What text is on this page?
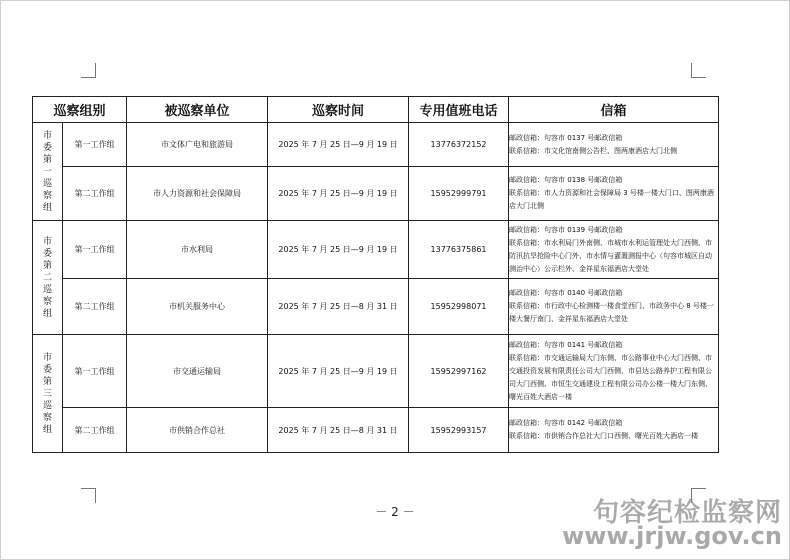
巡察组别		被巡察单位	巡察时间	专用值班电话	信箱

市委第一巡察组	第一工作组	市文体广电和旅游局	2025 年 7 月 25 日—9 月 19 日	13776372152	邮政信箱：句容市 0137 号邮政信箱
联系信箱：市文化馆南侧公告栏、图两康酒店大门北侧

	第二工作组	市人力资源和社会保障局	2025 年 7 月 25 日—9 月 19 日	15952999791	邮政信箱：句容市 0138 号邮政信箱
联系信箱：市人力资源和社会保障局 3 号楼一楼大门口、图两康酒店大门北侧

市委第二巡察组	第一工作组	市水利局	2025 年 7 月 25 日—9 月 19 日	13776375861	邮政信箱：句容市 0139 号邮政信箱
联系信箱：市水利局门外南侧、市城市水利运管理处大门西侧、市防汛抗旱抢险中心门外、市水情与灌溉测报中心（句容市城区自动测治中心）公示栏外、金祥星东福酒店大堂处

	第二工作组	市机关服务中心	2025 年 7 月 25 日—8 月 31 日	15952998071	邮政信箱：句容市 0140 号邮政信箱
联系信箱：市行政中心检测楼一楼食堂西门、市政务中心 8 号楼一楼大餐厅南门、金祥星东福酒店大堂处

市委第三巡察组	第一工作组	市交通运输局	2025 年 7 月 25 日—9 月 19 日	15952997162	邮政信箱：句容市 0141 号邮政信箱
联系信箱：市交通运输局大门东侧、市公路事业中心大门西侧、市交通投资发展有限责任公司大门西侧、市县达公路养护工程有限公司大门西侧、市恒生交通建设工程有限公司办公楼一楼大门东侧、曙光百姓大酒店一楼

	第二工作组	市供销合作总社	2025 年 7 月 25 日—8 月 31 日	15952993157	邮政信箱：句容市 0142 号邮政信箱
联系信箱：市供销合作总社大门口西侧、曙光百姓大酒店一楼
－ 2 －	句容纪检监察网
www.jrjw.gov.cn
